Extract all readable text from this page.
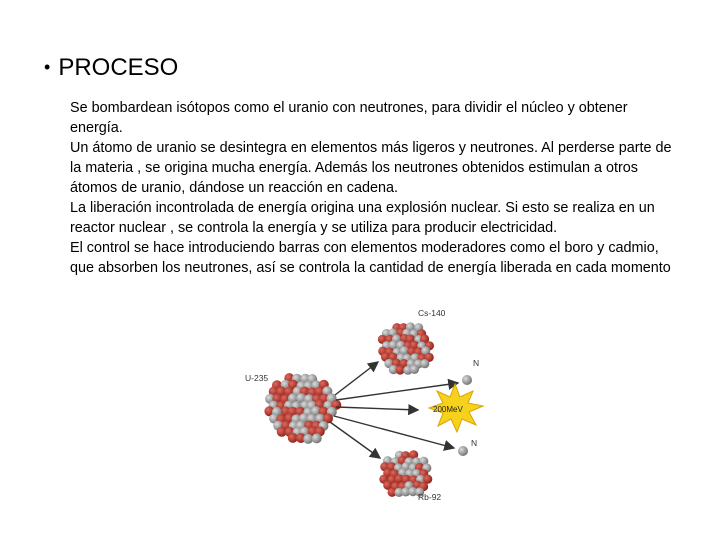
• PROCESO

Se bombardean isótopos como el uranio con neutrones, para dividir el núcleo y obtener energía.

Un átomo de uranio se desintegra en elementos más ligeros y neutrones. Al perderse parte de la materia , se origina mucha energía. Además los neutrones obtenidos estimulan a otros átomos de uranio, dándose un reacción en cadena.

La liberación incontrolada de energía origina una explosión nuclear. Si esto se realiza en un reactor nuclear , se controla la energía y se utiliza para producir electricidad.

El control se hace introduciendo barras con elementos moderadores como el boro y cadmio, que absorben los neutrones, así se controla la cantidad de energía liberada en cada momento

U-235
Cs-140
Rb-92
N
N
200MeV
